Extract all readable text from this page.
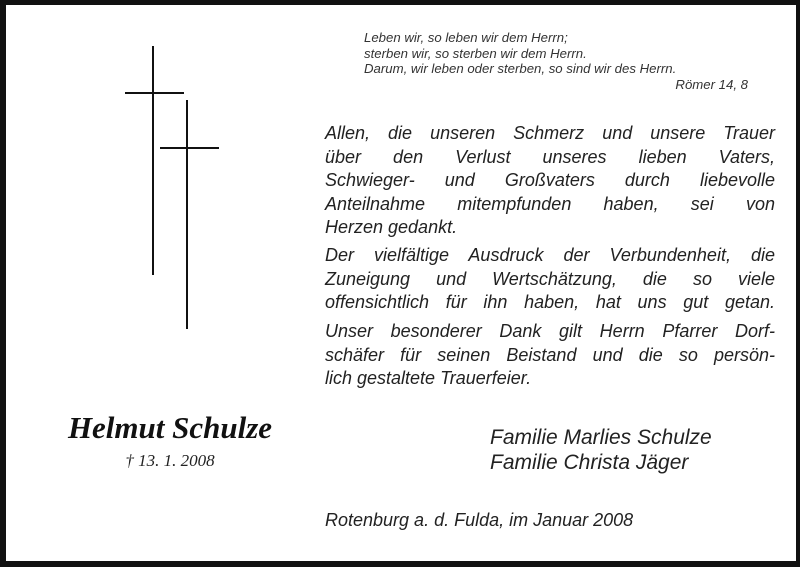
Helmut Schulze
† 13. 1. 2008
Leben wir, so leben wir dem Herrn;
sterben wir, so sterben wir dem Herrn.
Darum, wir leben oder sterben, so sind wir des Herrn.
Römer 14, 8
Allen, die unseren Schmerz und unsere Trauer
über den Verlust unseres lieben Vaters,
Schwieger- und Großvaters durch liebevolle
Anteilnahme mitempfunden haben, sei von
Herzen gedankt.
Der vielfältige Ausdruck der Verbundenheit, die
Zuneigung und Wertschätzung, die so viele
offensichtlich für ihn haben, hat uns gut getan.
Unser besonderer Dank gilt Herrn Pfarrer Dorf-
schäfer für seinen Beistand und die so persön-
lich gestaltete Trauerfeier.
Familie Marlies Schulze
Familie Christa Jäger
Rotenburg a. d. Fulda, im Januar 2008
